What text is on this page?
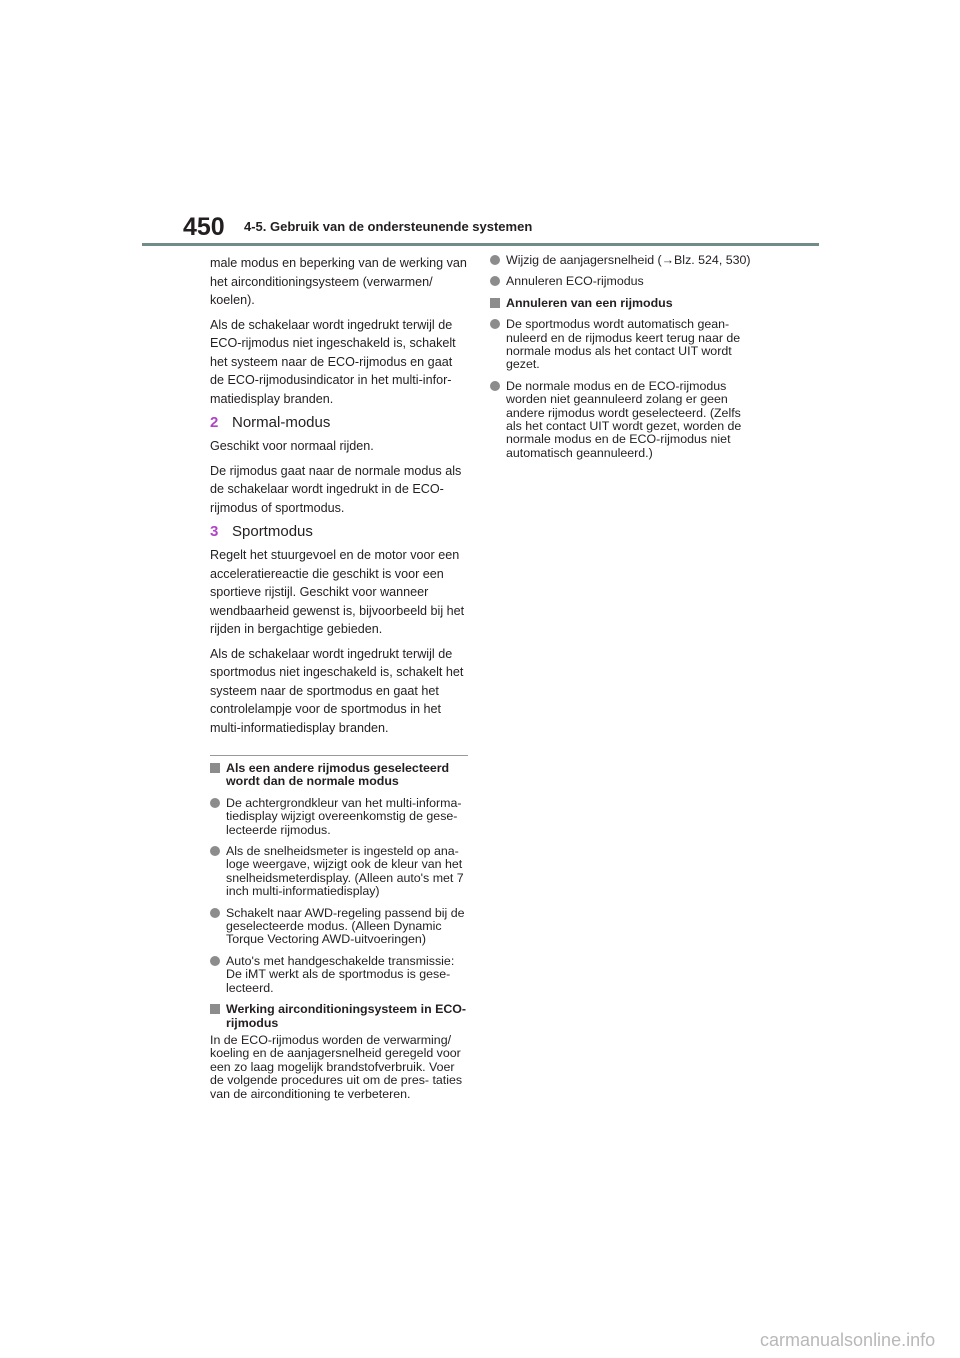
450 4-5. Gebruik van de ondersteunende systemen

male modus en beperking van de werking van het airconditioningsysteem (verwarmen/ koelen).

Als de schakelaar wordt ingedrukt terwijl de ECO-rijmodus niet ingeschakeld is, schakelt het systeem naar de ECO-rijmodus en gaat de ECO-rijmodusindicator in het multi-infor- matiedisplay branden.

2 Normal-modus

Geschikt voor normaal rijden.

De rijmodus gaat naar de normale modus als de schakelaar wordt ingedrukt in de ECO-rijmodus of sportmodus.

3 Sportmodus

Regelt het stuurgevoel en de motor voor een acceleratiereactie die geschikt is voor een sportieve rijstijl. Geschikt voor wanneer wendbaarheid gewenst is, bijvoorbeeld bij het rijden in bergachtige gebieden.

Als de schakelaar wordt ingedrukt terwijl de sportmodus niet ingeschakeld is, schakelt het systeem naar de sportmodus en gaat het controlelampje voor de sportmodus in het multi-informatiedisplay branden.

Als een andere rijmodus geselecteerd wordt dan de normale modus
De achtergrondkleur van het multi-informa- tiedisplay wijzigt overeenkomstig de gese- lecteerde rijmodus.
Als de snelheidsmeter is ingesteld op ana- loge weergave, wijzigt ook de kleur van het snelheidsmeterdisplay. (Alleen auto's met 7 inch multi-informatiedisplay)
Schakelt naar AWD-regeling passend bij de geselecteerde modus. (Alleen Dynamic Torque Vectoring AWD-uitvoeringen)
Auto's met handgeschakelde transmissie: De iMT werkt als de sportmodus is gese- lecteerd.
Werking airconditioningsysteem in ECO-rijmodus
In de ECO-rijmodus worden de verwarming/ koeling en de aanjagersnelheid geregeld voor een zo laag mogelijk brandstofverbruik. Voer de volgende procedures uit om de pres- taties van de airconditioning te verbeteren.
Wijzig de aanjagersnelheid (→Blz. 524, 530)
Annuleren ECO-rijmodus
Annuleren van een rijmodus
De sportmodus wordt automatisch gean- nuleerd en de rijmodus keert terug naar de normale modus als het contact UIT wordt gezet.
De normale modus en de ECO-rijmodus worden niet geannuleerd zolang er geen andere rijmodus wordt geselecteerd. (Zelfs als het contact UIT wordt gezet, worden de normale modus en de ECO-rijmodus niet automatisch geannuleerd.)
carmanualsonline.info
